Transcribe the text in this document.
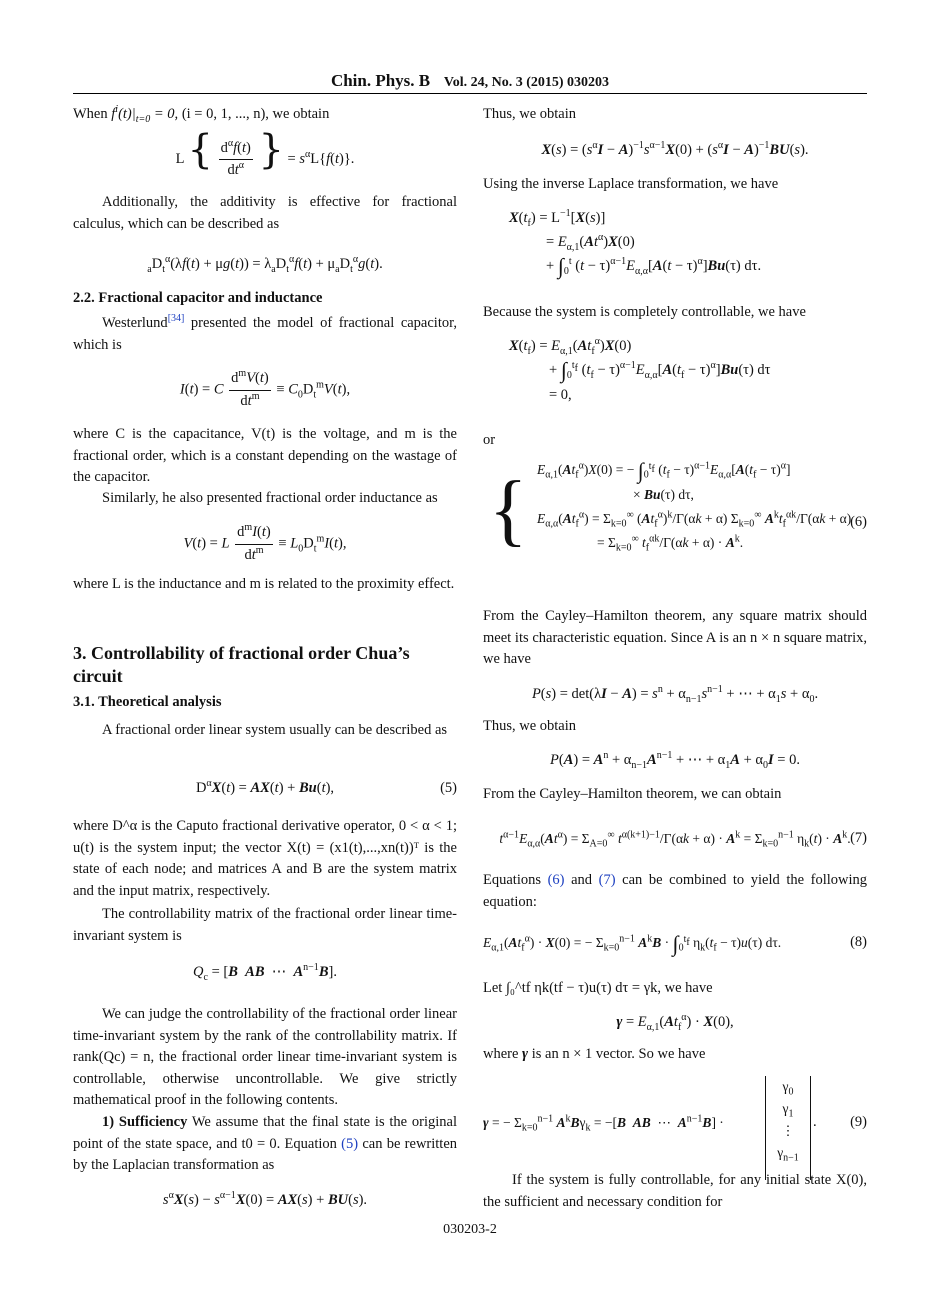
Chin. Phys. B Vol. 24, No. 3 (2015) 030203
When $f^i(t)|_{t=0} = 0$, (i = 0, 1, ..., n), we obtain
L { $\frac{d^\alpha f(t)}{dt^\alpha}$ } = $s^\alpha L\{f(t)\}$.
Additionally, the additivity is effective for fractional calculus, which can be described as
$_aD_t^\alpha(\lambda f(t) + \mu g(t)) = \lambda_aD_t^\alpha f(t) + \mu_aD_t^\alpha g(t)$.
2.2. Fractional capacitor and inductance
Westerlund[34] presented the model of fractional capacitor, which is
I(t) = C $\frac{d^mV(t)}{dt^m} \equiv C_0D_t^mV(t)$,
where C is the capacitance, V(t) is the voltage, and m is the fractional order, which is a constant depending on the wastage of the capacitor.
Similarly, he also presented fractional order inductance as
V(t) = L $\frac{d^mI(t)}{dt^m} \equiv L_0D_t^mI(t)$,
where L is the inductance and m is related to the proximity effect.
3. Controllability of fractional order Chua’s circuit
3.1. Theoretical analysis
A fractional order linear system usually can be described as
$D^\alpha X(t) = AX(t) + Bu(t)$,	(5)
where D^α is the Caputo fractional derivative operator, 0 < α < 1; u(t) is the system input; the vector X(t) = (x1(t),...,xn(t))ᵀ is the state of each node; and matrices A and B are the system matrix and the input matrix, respectively.
The controllability matrix of the fractional order linear time-invariant system is
$Q_c = [B$ AB  ⋯  $A^{n-1}B$].
We can judge the controllability of the fractional order linear time-invariant system by the rank of the controllability matrix. If rank(Qc) = n, the fractional order linear time-invariant system is controllable, otherwise uncontrollable. We give strictly mathematical proof in the following contents.
1) Sufficiency We assume that the final state is the original point of the state space, and t0 = 0. Equation (5) can be rewritten by the Laplacian transformation as
$s^\alpha X(s) - s^{\alpha-1}X(0) = AX(s) + BU(s)$.
Thus, we obtain
$X(s) = (s^\alpha I - A)^{-1}s^{\alpha-1}X(0) + (s^\alpha I - A)^{-1}BU(s)$.
Using the inverse Laplace transformation, we have
$X(t_f) = L^{-1}[X(s)]$
= $E_{\alpha,1}(At^\alpha)X(0)$
+ $\int_0^t$ $(t - \tau)^{\alpha-1}E_{\alpha,\alpha}[A(t - \tau)^\alpha]Bu(\tau)$ dτ.
Because the system is completely controllable, we have
$X(t_f) = E_{\alpha,1}(At_f^\alpha)X(0)$
+ $\int_0^{t_f}$ $(t_f - \tau)^{\alpha-1}E_{\alpha,\alpha}[A(t_f - \tau)^\alpha]Bu(\tau)$ dτ
= 0,
or
{ $E_{\alpha,1}(At_f^\alpha)X(0)$ = − $\int_0^{t_f}$ $(t_f - \tau)^{\alpha-1}E_{\alpha,\alpha}[A(t_f - \tau)^\alpha]$
× Bu(τ) dτ,
$E_{\alpha,\alpha}(At_f^\alpha) = \Sigma_{k=0}^\infty$ $(At_f^\alpha)^k/\Gamma(\alpha k + \alpha)$ $\Sigma_{k=0}^\infty$ $A^kt_f^{\alpha k}/\Gamma(\alpha k + \alpha)$
= $\Sigma_{k=0}^\infty$ $t_f^{\alpha k}/\Gamma(\alpha k + \alpha) \cdot A^k$.
(6)
From the Cayley–Hamilton theorem, any square matrix should meet its characteristic equation. Since A is an n × n square matrix, we have
$P(s) = \det(\lambda I - A) = s^n + \alpha_{n-1}s^{n-1}$ + ⋯ + $\alpha_1s + \alpha_0$.
Thus, we obtain
$P(A) = A^n + \alpha_{n-1}A^{n-1}$ + ⋯ + $\alpha_1A + \alpha_0I = 0$.
From the Cayley–Hamilton theorem, we can obtain
$t^{\alpha-1}E_{\alpha,\alpha}(At^\alpha) = \Sigma_{A=0}^\infty$ $t^{\alpha(k+1)-1}/\Gamma(\alpha k + \alpha) \cdot A^k = \Sigma_{k=0}^{n-1}$ $\eta_k(t) \cdot A^k$. (7)
Equations (6) and (7) can be combined to yield the following equation:
$E_{\alpha,1}(At_f^\alpha) \cdot X(0)$ = − $\Sigma_{k=0}^{n-1}$ $A^kB \cdot \int_0^{t_f}$ $\eta_k(t_f - \tau)u(\tau)$ dτ.	(8)
Let ∫₀^tf ηk(tf − τ)u(τ) dτ = γk, we have
$\gamma = E_{\alpha,1}(At_f^\alpha) \cdot X(0)$,
where γ is an n × 1 vector. So we have
γ = − $\Sigma_{k=0}^{n-1}$ $A^kB\gamma_k = -[B$ AB  ⋯  $A^{n-1}B$] ·
$\gamma_0$
$\gamma_1$
⋮
$\gamma_{n-1}$
. (9)
If the system is fully controllable, for any initial state X(0), the sufficient and necessary condition for
030203-2
